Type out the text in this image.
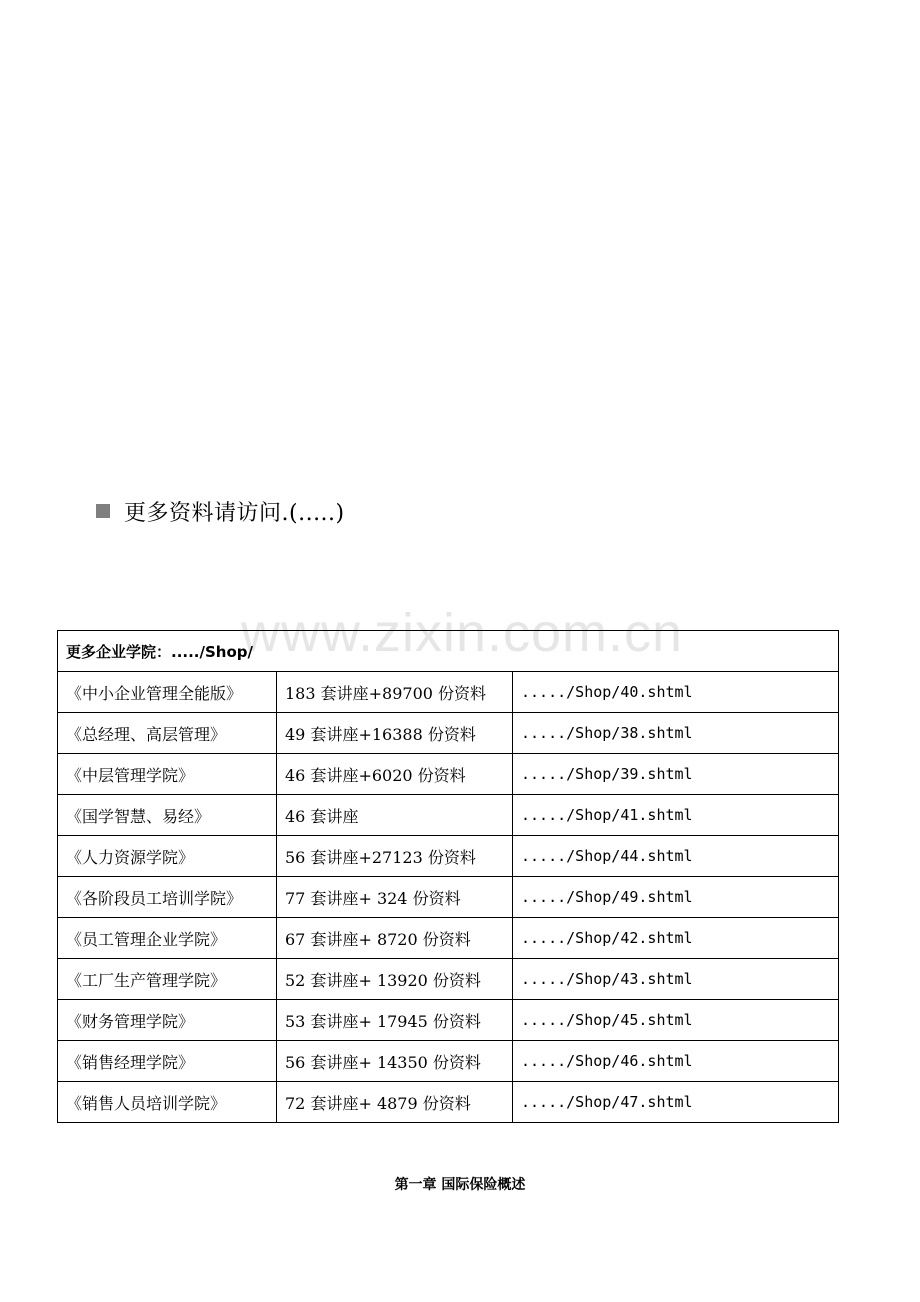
更多资料请访问.(.....)
www.zixin.com.cn
更多企业学院：...../Shop/		
《中小企业管理全能版》	183 套讲座+89700 份资料	...../Shop/40.shtml
《总经理、高层管理》	49 套讲座+16388 份资料	...../Shop/38.shtml
《中层管理学院》	46 套讲座+6020 份资料	...../Shop/39.shtml
《国学智慧、易经》	46 套讲座	...../Shop/41.shtml
《人力资源学院》	56 套讲座+27123 份资料	...../Shop/44.shtml
《各阶段员工培训学院》	77 套讲座+ 324 份资料	...../Shop/49.shtml
《员工管理企业学院》	67 套讲座+ 8720 份资料	...../Shop/42.shtml
《工厂生产管理学院》	52 套讲座+ 13920 份资料	...../Shop/43.shtml
《财务管理学院》	53 套讲座+ 17945 份资料	...../Shop/45.shtml
《销售经理学院》	56 套讲座+ 14350 份资料	...../Shop/46.shtml
《销售人员培训学院》	72 套讲座+ 4879 份资料	...../Shop/47.shtml
第一章 国际保险概述
